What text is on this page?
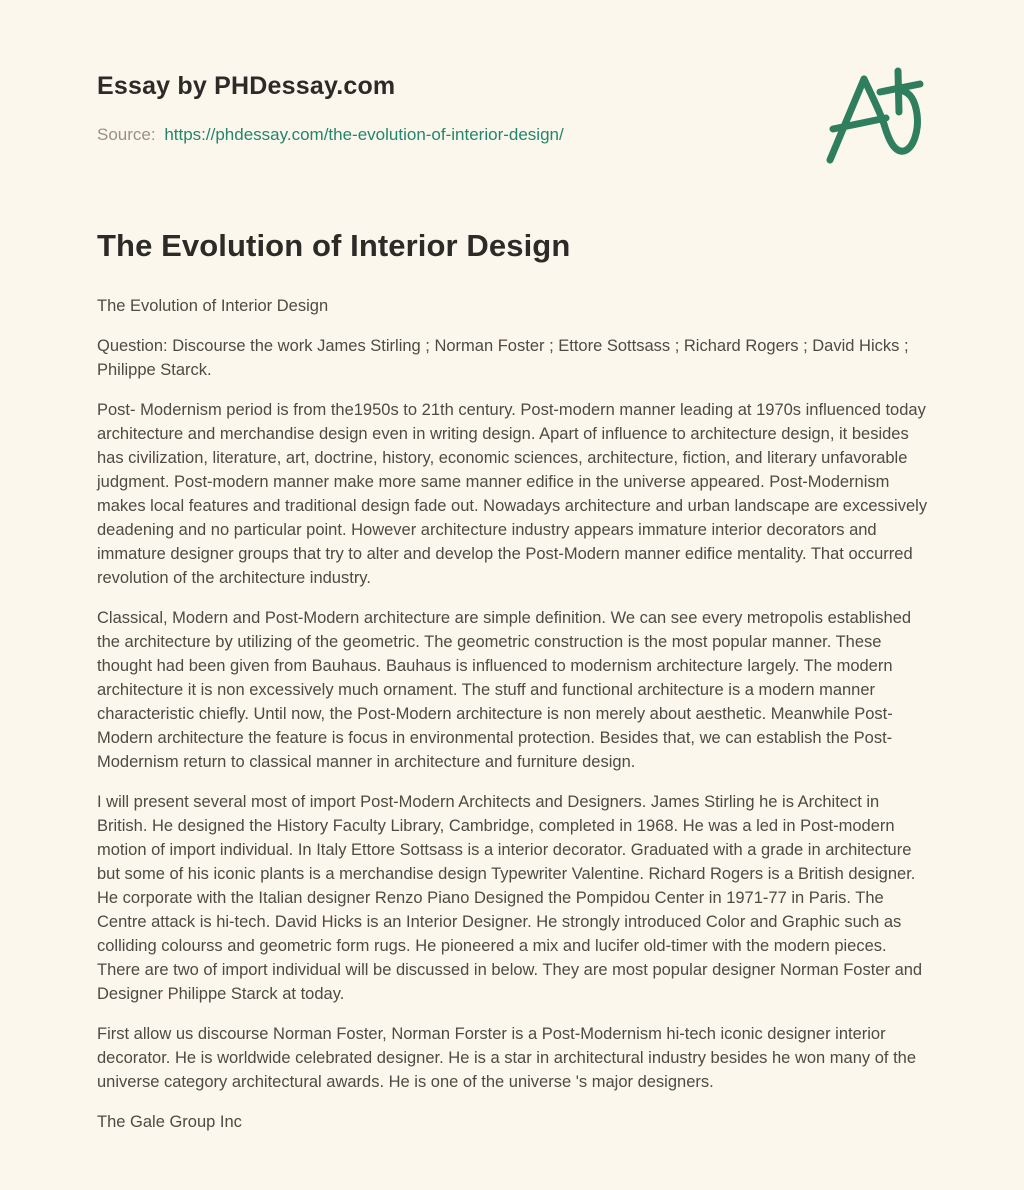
Essay by PHDessay.com
Source: https://phdessay.com/the-evolution-of-interior-design/
The Evolution of Interior Design

The Evolution of Interior Design

Question: Discourse the work James Stirling ; Norman Foster ; Ettore Sottsass ; Richard Rogers ; David Hicks ; Philippe Starck.

Post- Modernism period is from the1950s to 21th century. Post-modern manner leading at 1970s influenced today architecture and merchandise design even in writing design. Apart of influence to architecture design, it besides has civilization, literature, art, doctrine, history, economic sciences, architecture, fiction, and literary unfavorable judgment. Post-modern manner make more same manner edifice in the universe appeared. Post-Modernism makes local features and traditional design fade out. Nowadays architecture and urban landscape are excessively deadening and no particular point. However architecture industry appears immature interior decorators and immature designer groups that try to alter and develop the Post-Modern manner edifice mentality. That occurred revolution of the architecture industry.

Classical, Modern and Post-Modern architecture are simple definition. We can see every metropolis established the architecture by utilizing of the geometric. The geometric construction is the most popular manner. These thought had been given from Bauhaus. Bauhaus is influenced to modernism architecture largely. The modern architecture it is non excessively much ornament. The stuff and functional architecture is a modern manner characteristic chiefly. Until now, the Post-Modern architecture is non merely about aesthetic. Meanwhile Post-Modern architecture the feature is focus in environmental protection. Besides that, we can establish the Post-Modernism return to classical manner in architecture and furniture design.

I will present several most of import Post-Modern Architects and Designers. James Stirling he is Architect in British. He designed the History Faculty Library, Cambridge, completed in 1968. He was a led in Post-modern motion of import individual. In Italy Ettore Sottsass is a interior decorator. Graduated with a grade in architecture but some of his iconic plants is a merchandise design Typewriter Valentine. Richard Rogers is a British designer. He corporate with the Italian designer Renzo Piano Designed the Pompidou Center in 1971-77 in Paris. The Centre attack is hi-tech. David Hicks is an Interior Designer. He strongly introduced Color and Graphic such as colliding colourss and geometric form rugs. He pioneered a mix and lucifer old-timer with the modern pieces. There are two of import individual will be discussed in below. They are most popular designer Norman Foster and Designer Philippe Starck at today.

First allow us discourse Norman Foster, Norman Forster is a Post-Modernism hi-tech iconic designer interior decorator. He is worldwide celebrated designer. He is a star in architectural industry besides he won many of the universe category architectural awards. He is one of the universe 's major designers.

The Gale Group Inc
